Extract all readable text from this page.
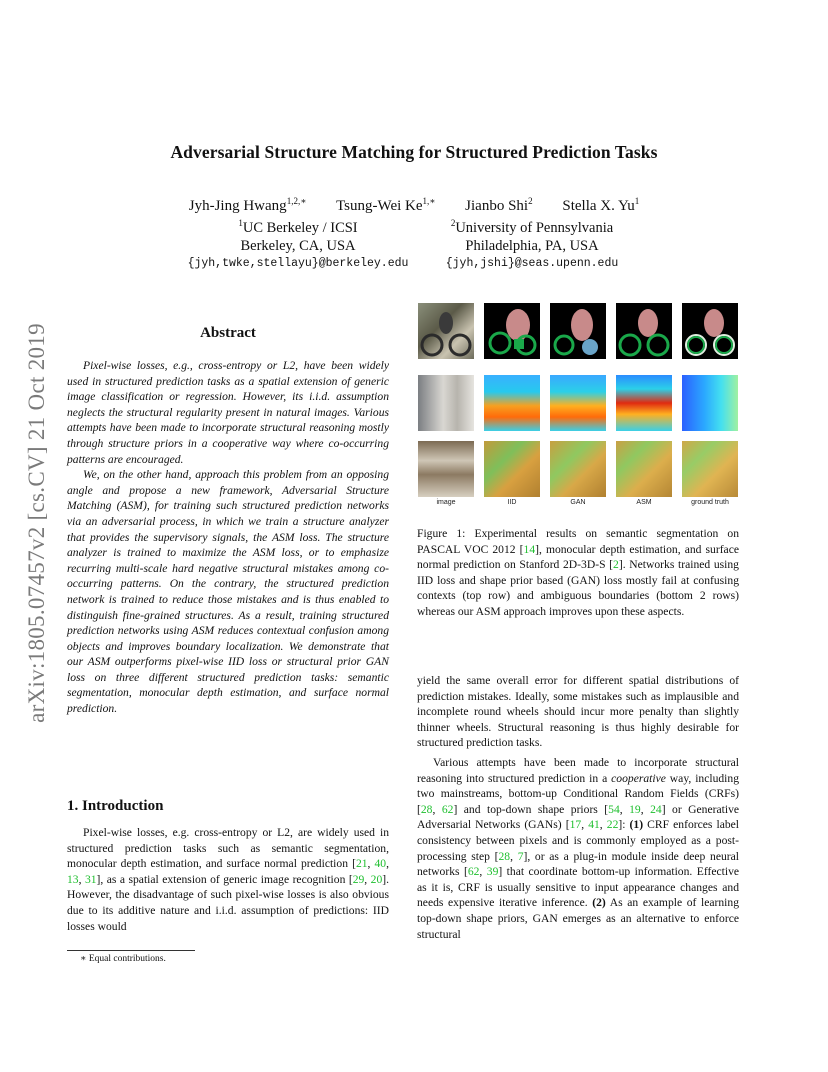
arXiv:1805.07457v2 [cs.CV] 21 Oct 2019
Adversarial Structure Matching for Structured Prediction Tasks
Jyh-Jing Hwang$^{1,2,∗}$ Tsung-Wei $Ke^{1,∗}$ Jianbo Shi$^2$ Stella X. Yu$^1$
$^1$UC Berkeley / ICSI
Berkeley, CA, USA
$^2$University of Pennsylvania
Philadelphia, PA, USA
{jyh,twke,stellayu}@berkeley.edu	{jyh,jshi}@seas.upenn.edu
Abstract

Pixel-wise losses, e.g., cross-entropy or L2, have been widely used in structured prediction tasks as a spatial extension of generic image classification or regression. However, its i.i.d. assumption neglects the structural regularity present in natural images. Various attempts have been made to incorporate structural reasoning mostly through structure priors in a cooperative way where co-occurring patterns are encouraged.

We, on the other hand, approach this problem from an opposing angle and propose a new framework, Adversarial Structure Matching (ASM), for training such structured prediction networks via an adversarial process, in which we train a structure analyzer that provides the supervisory signals, the ASM loss. The structure analyzer is trained to maximize the ASM loss, or to emphasize recurring multi-scale hard negative structural mistakes among co-occurring patterns. On the contrary, the structured prediction network is trained to reduce those mistakes and is thus enabled to distinguish fine-grained structures. As a result, training structured prediction networks using ASM reduces contextual confusion among objects and improves boundary localization. We demonstrate that our ASM outperforms pixel-wise IID loss or structural prior GAN loss on three different structured prediction tasks: semantic segmentation, monocular depth estimation, and surface normal prediction.

1. Introduction

Pixel-wise losses, e.g. cross-entropy or L2, are widely used in structured prediction tasks such as semantic segmentation, monocular depth estimation, and surface normal prediction [21, 40, 13, 31], as a spatial extension of generic image recognition [29, 20]. However, the disadvantage of such pixel-wise losses is also obvious due to its additive nature and i.i.d. assumption of predictions: IID losses would

∗ Equal contributions.
image	IID	GAN	ASM	ground truth

Figure 1: Experimental results on semantic segmentation on PASCAL VOC 2012 [14], monocular depth estimation, and surface normal prediction on Stanford 2D-3D-S [2]. Networks trained using IID loss and shape prior based (GAN) loss mostly fail at confusing contexts (top row) and ambiguous boundaries (bottom 2 rows) whereas our ASM approach improves upon these aspects.

yield the same overall error for different spatial distributions of prediction mistakes. Ideally, some mistakes such as implausible and incomplete round wheels should incur more penalty than slightly thinner wheels. Structural reasoning is thus highly desirable for structured prediction tasks.

Various attempts have been made to incorporate structural reasoning into structured prediction in a cooperative way, including two mainstreams, bottom-up Conditional Random Fields (CRFs) [28, 62] and top-down shape priors [54, 19, 24] or Generative Adversarial Networks (GANs) [17, 41, 22]: (1) CRF enforces label consistency between pixels and is commonly employed as a post-processing step [28, 7], or as a plug-in module inside deep neural networks [62, 39] that coordinate bottom-up information. Effective as it is, CRF is usually sensitive to input appearance changes and needs expensive iterative inference. (2) As an example of learning top-down shape priors, GAN emerges as an alternative to enforce structural
